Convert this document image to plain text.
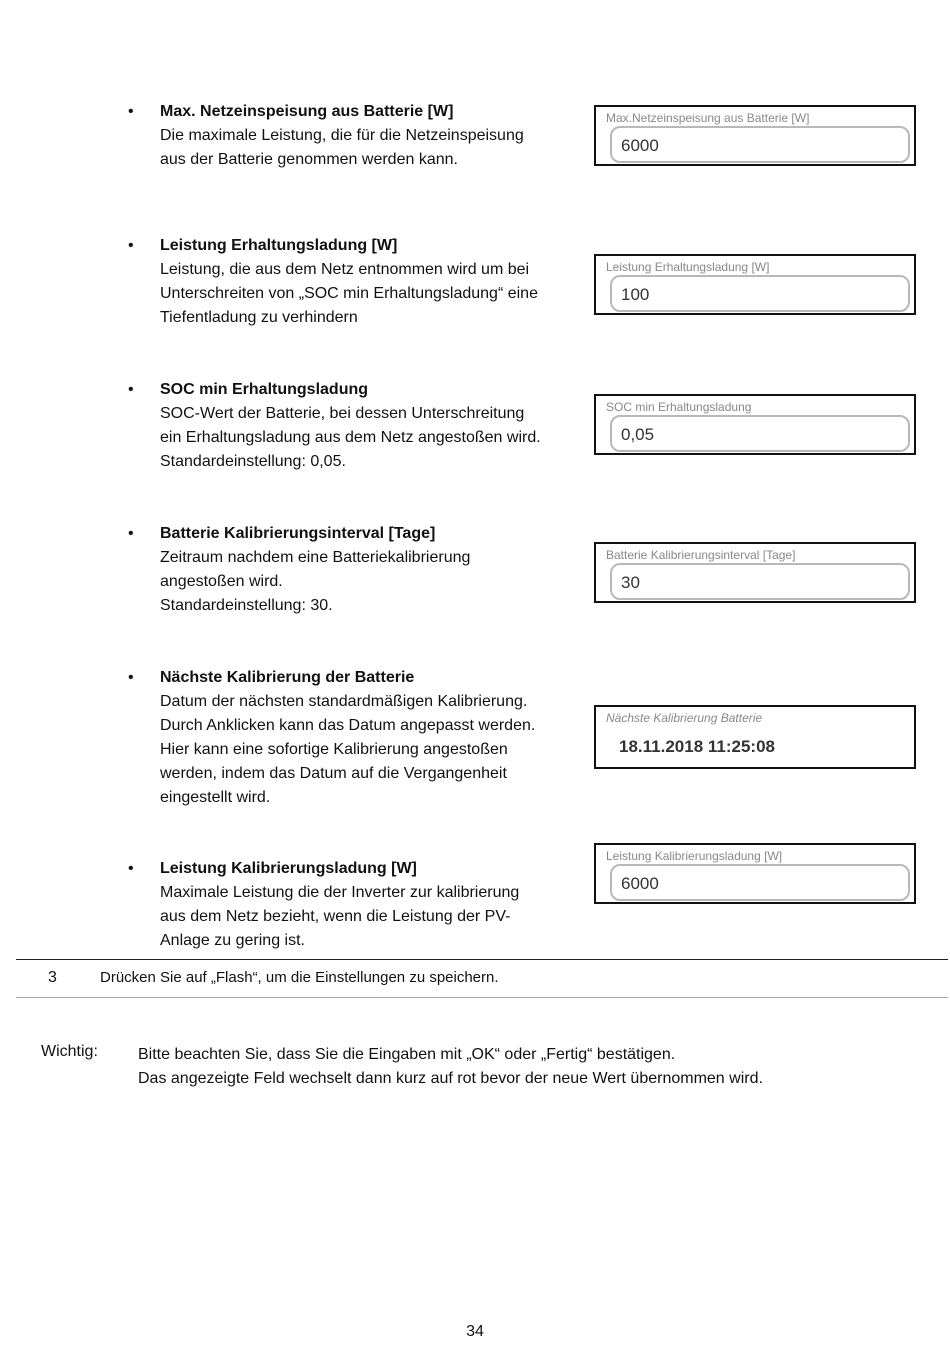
• Max. Netzeinspeisung aus Batterie [W]
Die maximale Leistung, die für die Netzeinspeisung
aus der Batterie genommen werden kann.
Max.Netzeinspeisung aus Batterie [W]
6000
• Leistung Erhaltungsladung [W]
Leistung, die aus dem Netz entnommen wird um bei
Unterschreiten von „SOC min Erhaltungsladung“ eine
Tiefentladung zu verhindern
Leistung Erhaltungsladung [W]
100
• SOC min Erhaltungsladung
SOC-Wert der Batterie, bei dessen Unterschreitung
ein Erhaltungsladung aus dem Netz angestoßen wird.
Standardeinstellung: 0,05.
SOC min Erhaltungsladung
0,05
• Batterie Kalibrierungsinterval [Tage]
Zeitraum nachdem eine Batteriekalibrierung
angestoßen wird.
Standardeinstellung: 30.
Batterie Kalibrierungsinterval [Tage]
30
• Nächste Kalibrierung der Batterie
Datum der nächsten standardmäßigen Kalibrierung.
Durch Anklicken kann das Datum angepasst werden.
Hier kann eine sofortige Kalibrierung angestoßen
werden, indem das Datum auf die Vergangenheit
eingestellt wird.
Nächste Kalibrierung Batterie
18.11.2018 11:25:08
• Leistung Kalibrierungsladung [W]
Maximale Leistung die der Inverter zur kalibrierung
aus dem Netz bezieht, wenn die Leistung der PV-
Anlage zu gering ist.
Leistung Kalibrierungsladung [W]
6000
3	Drücken Sie auf „Flash“, um die Einstellungen zu speichern.
Wichtig:	Bitte beachten Sie, dass Sie die Eingaben mit „OK“ oder „Fertig“ bestätigen.
Das angezeigte Feld wechselt dann kurz auf rot bevor der neue Wert übernommen wird.
34
